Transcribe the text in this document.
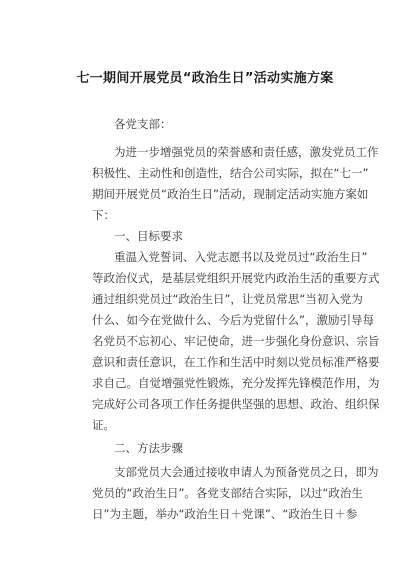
七一期间开展党员“政治生日”活动实施方案
各党支部：
为进一步增强党员的荣誉感和责任感，激发党员工作
积极性、主动性和创造性，结合公司实际，拟在“七一”
期间开展党员“政治生日”活动，现制定活动实施方案如
下：
一、目标要求
重温入党誓词、入党志愿书以及党员过“政治生日”
等政治仪式，是基层党组织开展党内政治生活的重要方式
通过组织党员过“政治生日”，让党员常思“当初入党为
什么、如今在党做什么、今后为党留什么”，激励引导每
名党员不忘初心、牢记使命，进一步强化身份意识、宗旨
意识和责任意识，在工作和生活中时刻以党员标准严格要
求自己。自觉增强党性锻炼，充分发挥先锋模范作用，为
完成好公司各项工作任务提供坚强的思想、政治、组织保
证。
二、方法步骤
支部党员大会通过接收申请人为预备党员之日，即为
党员的“政治生日”。各党支部结合实际，以过“政治生
日”为主题，举办“政治生日＋党课”、“政治生日＋参
